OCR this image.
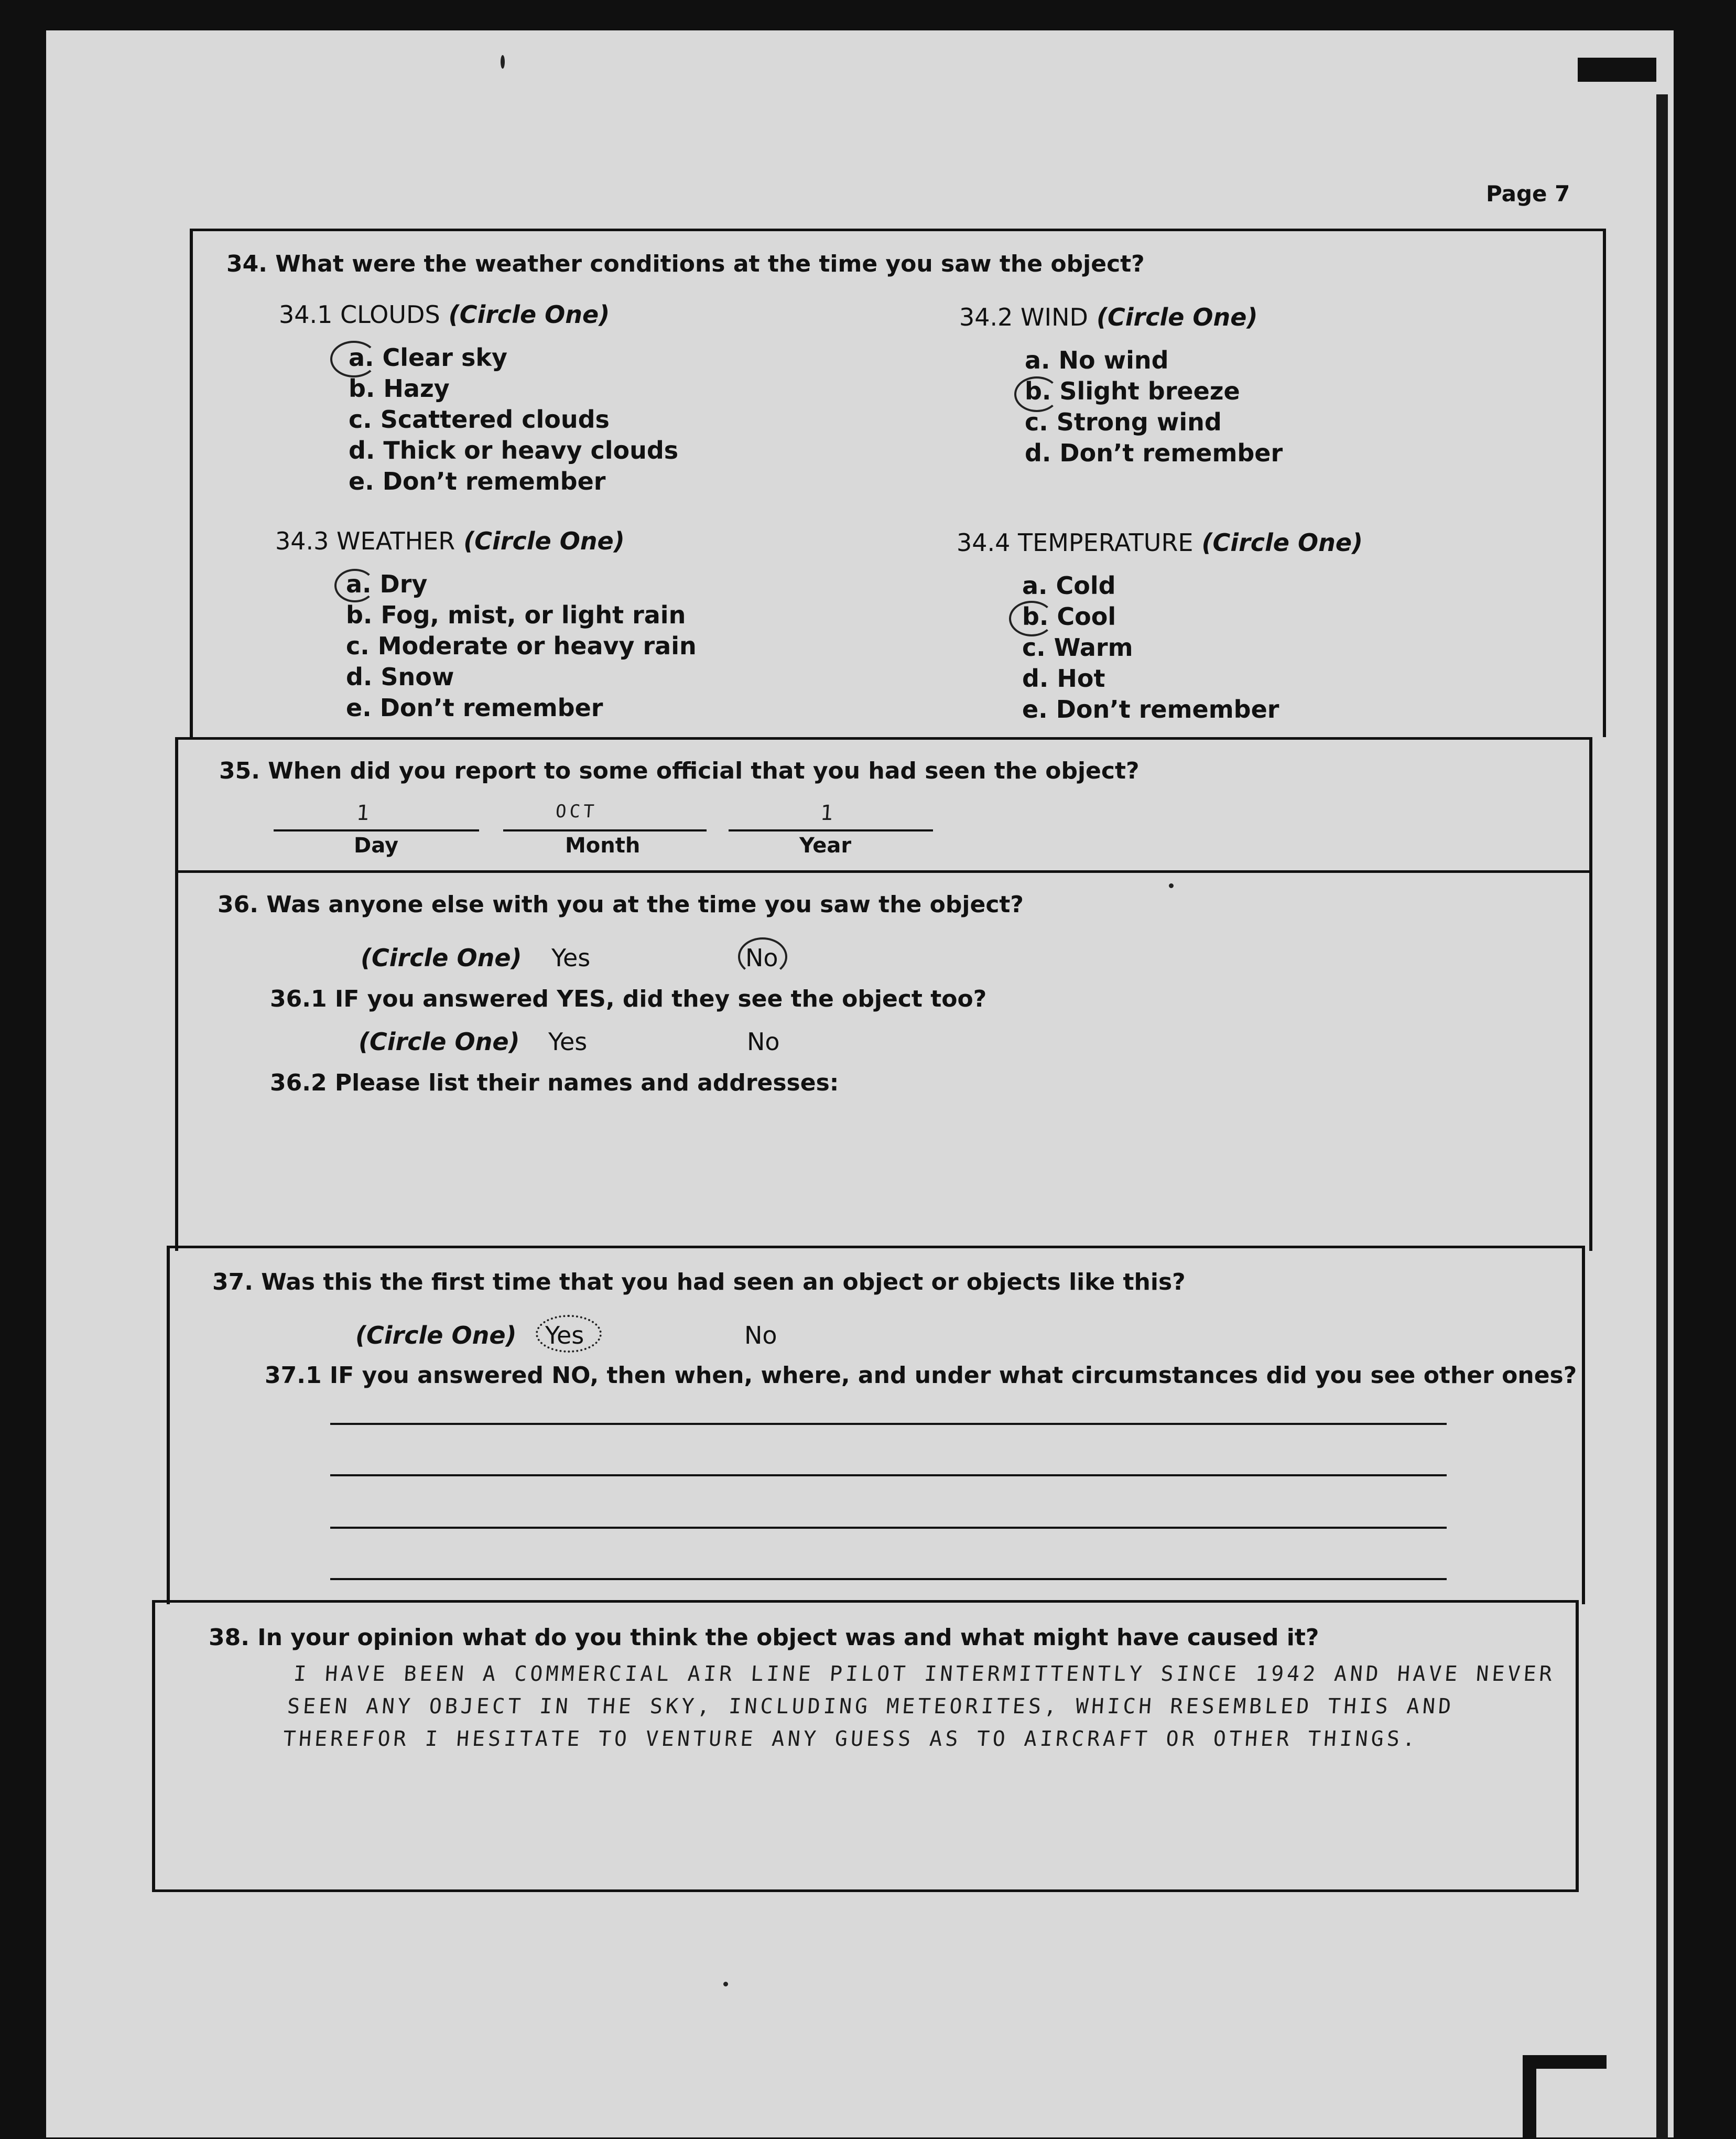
Page 7
34. What were the weather conditions at the time you saw the object?
34.1 CLOUDS (Circle One)
a. Clear sky
b. Hazy
c. Scattered clouds
d. Thick or heavy clouds
e. Don’t remember
34.2 WIND (Circle One)
a. No wind
b. Slight breeze
c. Strong wind
d. Don’t remember
34.3 WEATHER (Circle One)
a. Dry
b. Fog, mist, or light rain
c. Moderate or heavy rain
d. Snow
e. Don’t remember
34.4 TEMPERATURE (Circle One)
a. Cold
b. Cool
c. Warm
d. Hot
e. Don’t remember
35. When did you report to some official that you had seen the object?
1	OCT	1
Day	Month	Year
36. Was anyone else with you at the time you saw the object?
(Circle One) Yes	No
36.1 IF you answered YES, did they see the object too?
(Circle One) Yes	No
36.2 Please list their names and addresses:
37. Was this the first time that you had seen an object or objects like this?
(Circle One) Yes	No
37.1 IF you answered NO, then when, where, and under what circumstances did you see other ones?
38. In your opinion what do you think the object was and what might have caused it?
I HAVE BEEN A COMMERCIAL AIR LINE PILOT INTERMITTENTLY SINCE 1942 AND HAVE NEVER
SEEN ANY OBJECT IN THE SKY, INCLUDING METEORITES, WHICH RESEMBLED THIS AND
THEREFOR I HESITATE TO VENTURE ANY GUESS AS TO AIRCRAFT OR OTHER THINGS.
